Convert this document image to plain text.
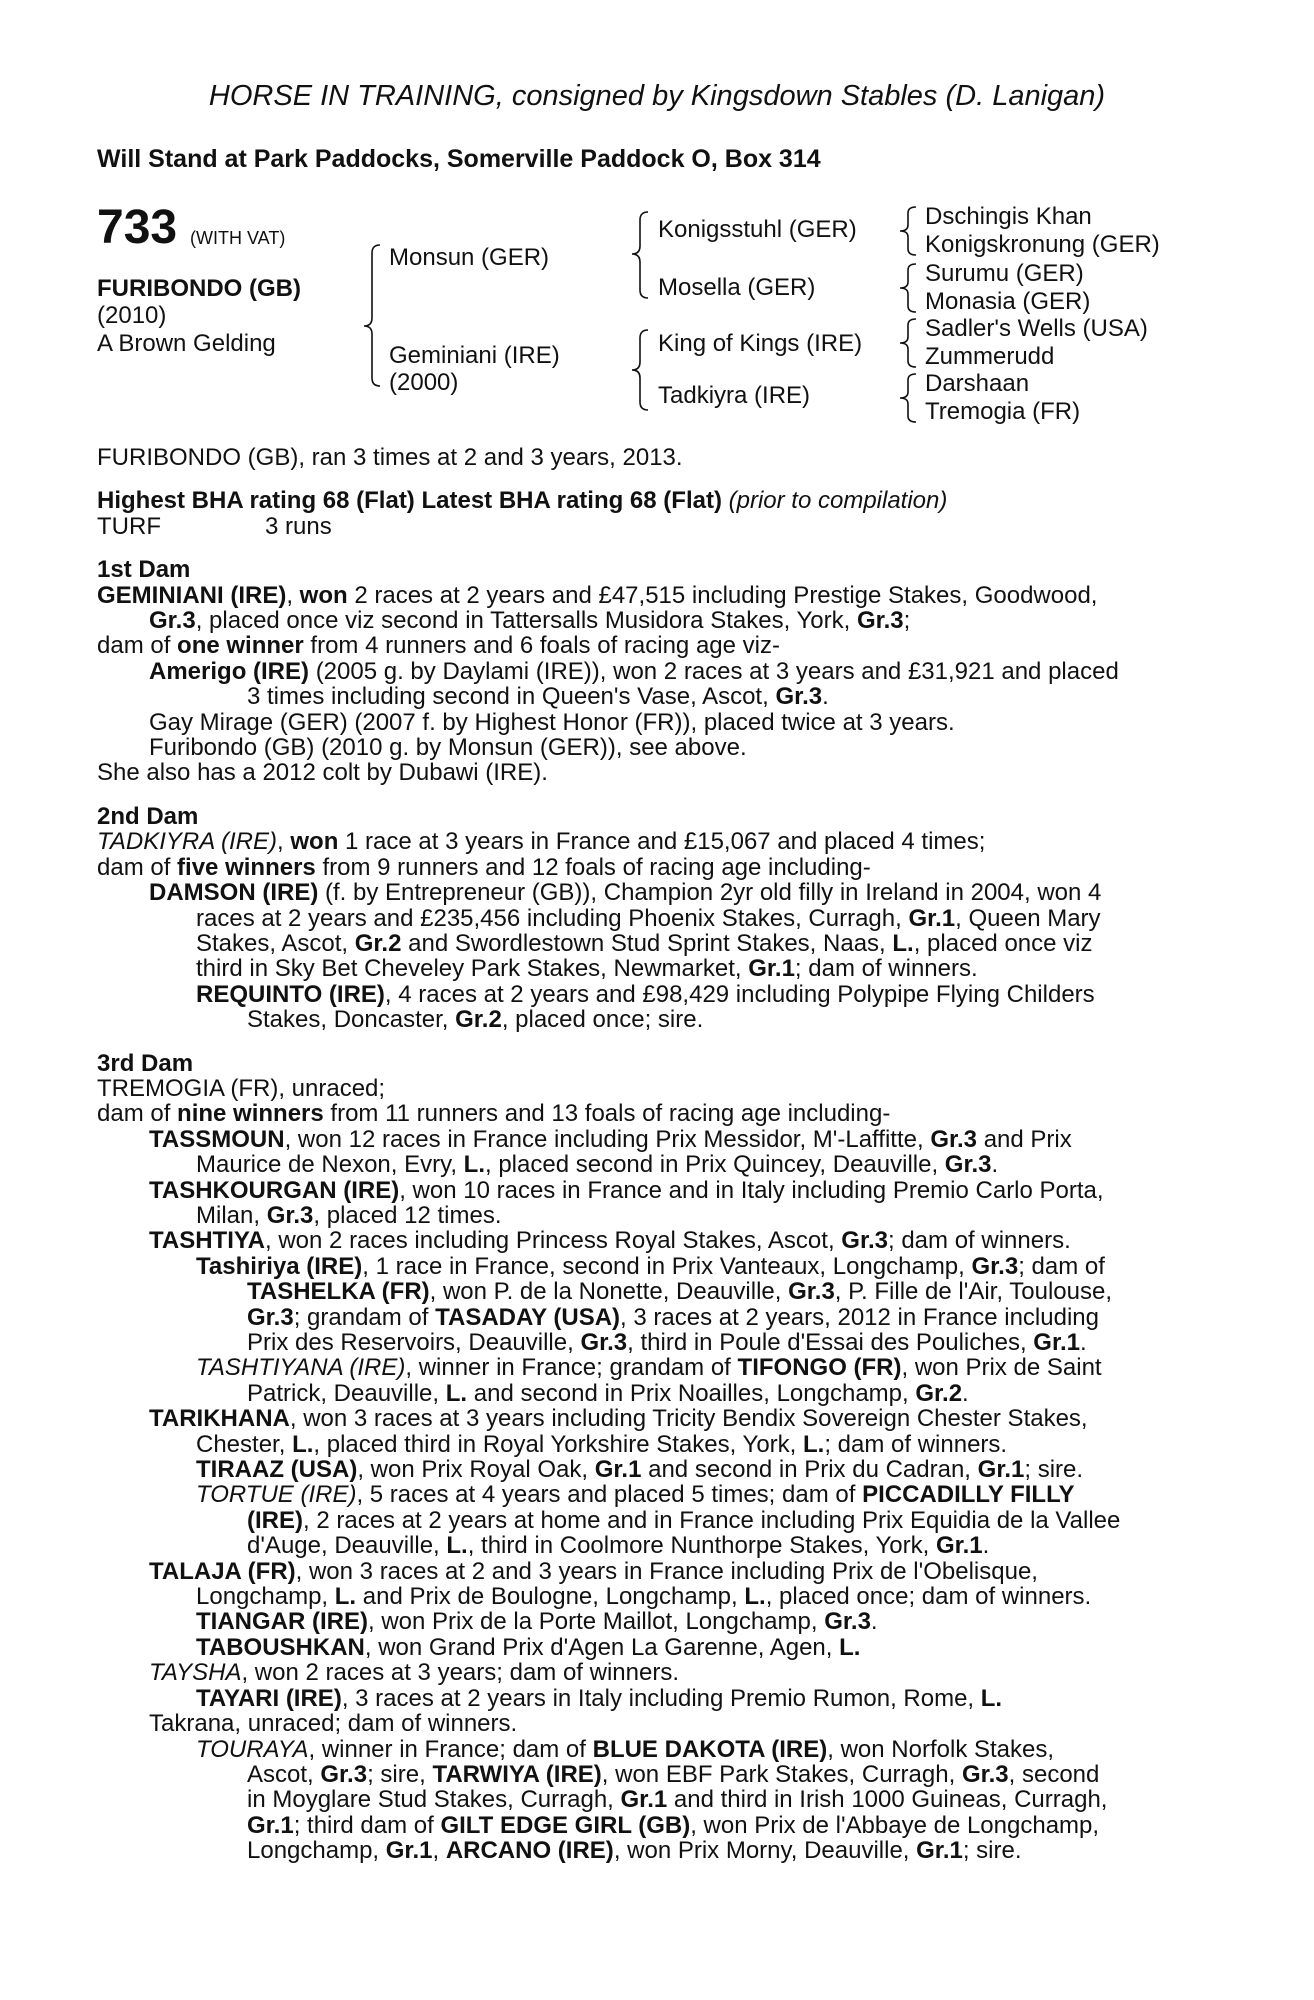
HORSE IN TRAINING, consigned by Kingsdown Stables (D. Lanigan)
Will Stand at Park Paddocks, Somerville Paddock O, Box 314
733 (WITH VAT)
FURIBONDO (GB)
(2010)
A Brown Gelding
Monsun (GER)
Geminiani (IRE)
(2000)
Konigsstuhl (GER)
Mosella (GER)
King of Kings (IRE)
Tadkiyra (IRE)
Dschingis Khan
Konigskronung (GER)
Surumu (GER)
Monasia (GER)
Sadler's Wells (USA)
Zummerudd
Darshaan
Tremogia (FR)
FURIBONDO (GB), ran 3 times at 2 and 3 years, 2013.
Highest BHA rating 68 (Flat) Latest BHA rating 68 (Flat) (prior to compilation)
TURF	3 runs
1st Dam
GEMINIANI (IRE), won 2 races at 2 years and £47,515 including Prestige Stakes, Goodwood,
Gr.3, placed once viz second in Tattersalls Musidora Stakes, York, Gr.3;
dam of one winner from 4 runners and 6 foals of racing age viz-
Amerigo (IRE) (2005 g. by Daylami (IRE)), won 2 races at 3 years and £31,921 and placed
3 times including second in Queen's Vase, Ascot, Gr.3.
Gay Mirage (GER) (2007 f. by Highest Honor (FR)), placed twice at 3 years.
Furibondo (GB) (2010 g. by Monsun (GER)), see above.
She also has a 2012 colt by Dubawi (IRE).
2nd Dam
TADKIYRA (IRE), won 1 race at 3 years in France and £15,067 and placed 4 times;
dam of five winners from 9 runners and 12 foals of racing age including-
DAMSON (IRE) (f. by Entrepreneur (GB)), Champion 2yr old filly in Ireland in 2004, won 4
races at 2 years and £235,456 including Phoenix Stakes, Curragh, Gr.1, Queen Mary
Stakes, Ascot, Gr.2 and Swordlestown Stud Sprint Stakes, Naas, L., placed once viz
third in Sky Bet Cheveley Park Stakes, Newmarket, Gr.1; dam of winners.
REQUINTO (IRE), 4 races at 2 years and £98,429 including Polypipe Flying Childers
Stakes, Doncaster, Gr.2, placed once; sire.
3rd Dam
TREMOGIA (FR), unraced;
dam of nine winners from 11 runners and 13 foals of racing age including-
TASSMOUN, won 12 races in France including Prix Messidor, M'-Laffitte, Gr.3 and Prix
Maurice de Nexon, Evry, L., placed second in Prix Quincey, Deauville, Gr.3.
TASHKOURGAN (IRE), won 10 races in France and in Italy including Premio Carlo Porta,
Milan, Gr.3, placed 12 times.
TASHTIYA, won 2 races including Princess Royal Stakes, Ascot, Gr.3; dam of winners.
Tashiriya (IRE), 1 race in France, second in Prix Vanteaux, Longchamp, Gr.3; dam of
TASHELKA (FR), won P. de la Nonette, Deauville, Gr.3, P. Fille de l'Air, Toulouse,
Gr.3; grandam of TASADAY (USA), 3 races at 2 years, 2012 in France including
Prix des Reservoirs, Deauville, Gr.3, third in Poule d'Essai des Pouliches, Gr.1.
TASHTIYANA (IRE), winner in France; grandam of TIFONGO (FR), won Prix de Saint
Patrick, Deauville, L. and second in Prix Noailles, Longchamp, Gr.2.
TARIKHANA, won 3 races at 3 years including Tricity Bendix Sovereign Chester Stakes,
Chester, L., placed third in Royal Yorkshire Stakes, York, L.; dam of winners.
TIRAAZ (USA), won Prix Royal Oak, Gr.1 and second in Prix du Cadran, Gr.1; sire.
TORTUE (IRE), 5 races at 4 years and placed 5 times; dam of PICCADILLY FILLY
(IRE), 2 races at 2 years at home and in France including Prix Equidia de la Vallee
d'Auge, Deauville, L., third in Coolmore Nunthorpe Stakes, York, Gr.1.
TALAJA (FR), won 3 races at 2 and 3 years in France including Prix de l'Obelisque,
Longchamp, L. and Prix de Boulogne, Longchamp, L., placed once; dam of winners.
TIANGAR (IRE), won Prix de la Porte Maillot, Longchamp, Gr.3.
TABOUSHKAN, won Grand Prix d'Agen La Garenne, Agen, L.
TAYSHA, won 2 races at 3 years; dam of winners.
TAYARI (IRE), 3 races at 2 years in Italy including Premio Rumon, Rome, L.
Takrana, unraced; dam of winners.
TOURAYA, winner in France; dam of BLUE DAKOTA (IRE), won Norfolk Stakes,
Ascot, Gr.3; sire, TARWIYA (IRE), won EBF Park Stakes, Curragh, Gr.3, second
in Moyglare Stud Stakes, Curragh, Gr.1 and third in Irish 1000 Guineas, Curragh,
Gr.1; third dam of GILT EDGE GIRL (GB), won Prix de l'Abbaye de Longchamp,
Longchamp, Gr.1, ARCANO (IRE), won Prix Morny, Deauville, Gr.1; sire.
